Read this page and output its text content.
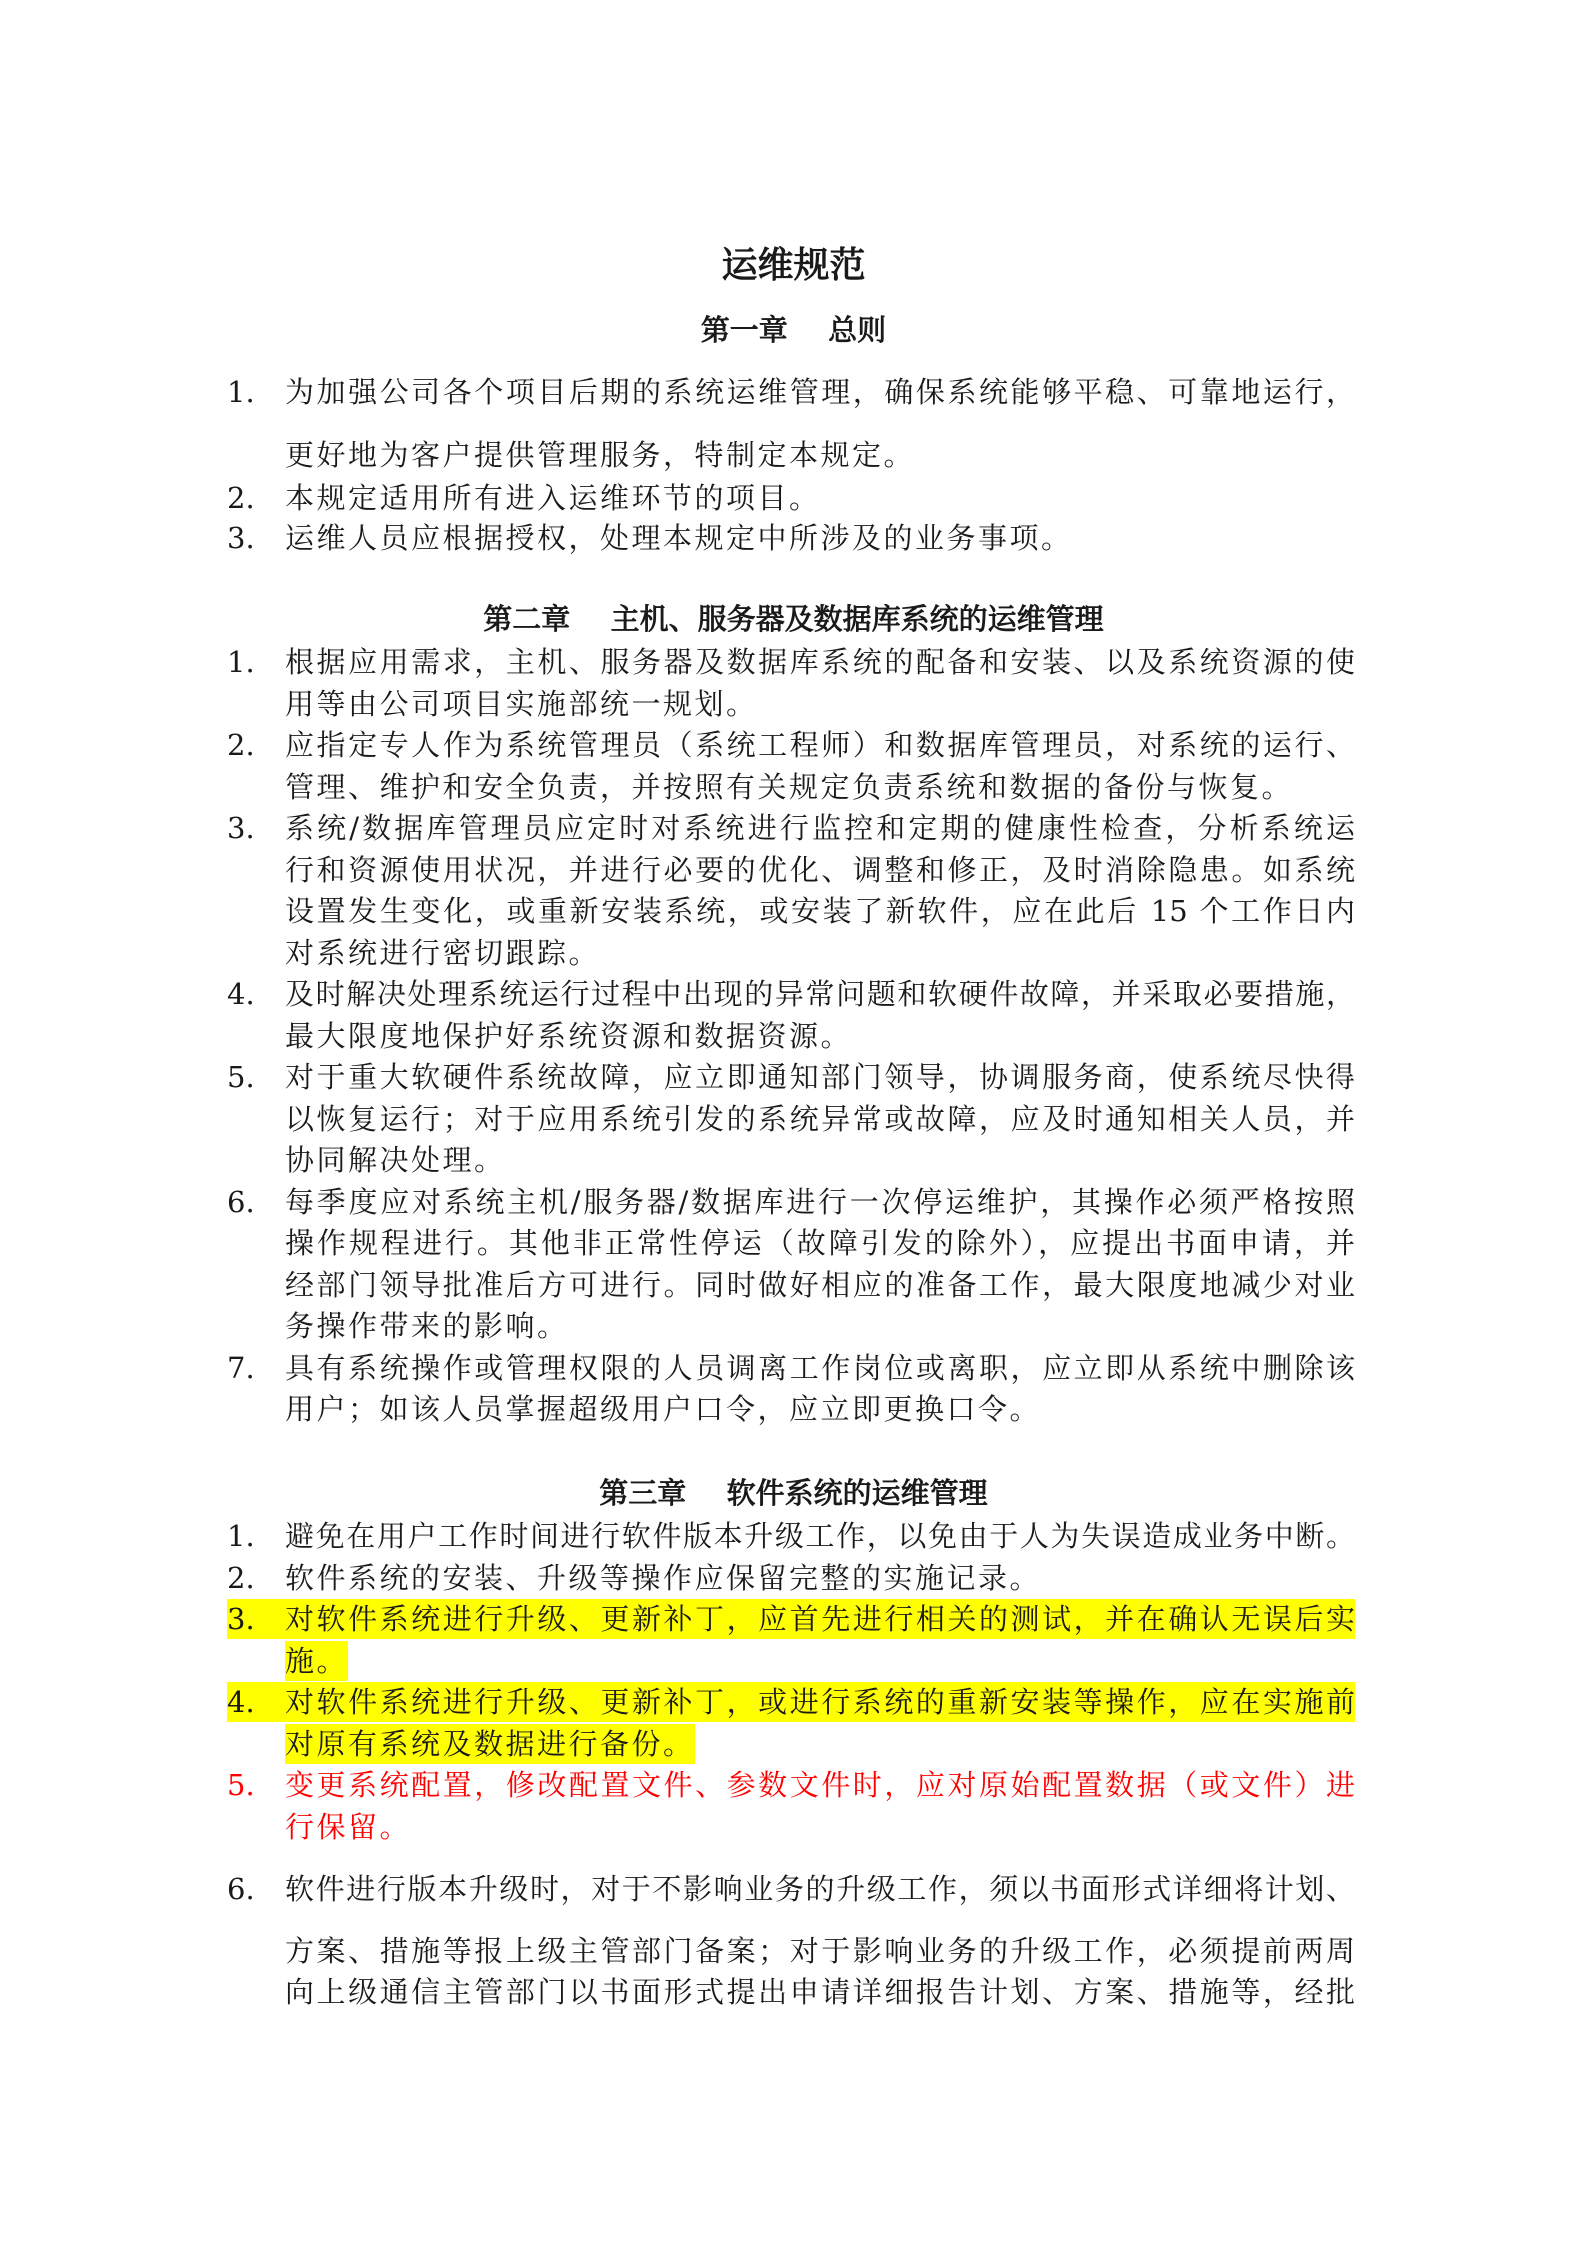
运维规范
第一章    总则
1.	为加强公司各个项目后期的系统运维管理，确保系统能够平稳、可靠地运行，
更好地为客户提供管理服务，特制定本规定。
2.	本规定适用所有进入运维环节的项目。
3.	运维人员应根据授权，处理本规定中所涉及的业务事项。
第二章    主机、服务器及数据库系统的运维管理
1.	根据应用需求，主机、服务器及数据库系统的配备和安装、以及系统资源的使
用等由公司项目实施部统一规划。
2.	应指定专人作为系统管理员（系统工程师）和数据库管理员，对系统的运行、
管理、维护和安全负责，并按照有关规定负责系统和数据的备份与恢复。
3.	系统/数据库管理员应定时对系统进行监控和定期的健康性检查，分析系统运
行和资源使用状况，并进行必要的优化、调整和修正，及时消除隐患。如系统
设置发生变化，或重新安装系统，或安装了新软件，应在此后 15 个工作日内
对系统进行密切跟踪。
4.	及时解决处理系统运行过程中出现的异常问题和软硬件故障，并采取必要措施，
最大限度地保护好系统资源和数据资源。
5.	对于重大软硬件系统故障，应立即通知部门领导，协调服务商，使系统尽快得
以恢复运行；对于应用系统引发的系统异常或故障，应及时通知相关人员，并
协同解决处理。
6.	每季度应对系统主机/服务器/数据库进行一次停运维护，其操作必须严格按照
操作规程进行。其他非正常性停运（故障引发的除外），应提出书面申请，并
经部门领导批准后方可进行。同时做好相应的准备工作，最大限度地减少对业
务操作带来的影响。
7.	具有系统操作或管理权限的人员调离工作岗位或离职，应立即从系统中删除该
用户；如该人员掌握超级用户口令，应立即更换口令。
第三章    软件系统的运维管理
1.	避免在用户工作时间进行软件版本升级工作，以免由于人为失误造成业务中断。
2.	软件系统的安装、升级等操作应保留完整的实施记录。
3.	对软件系统进行升级、更新补丁，应首先进行相关的测试，并在确认无误后实
施。
4.	对软件系统进行升级、更新补丁，或进行系统的重新安装等操作，应在实施前
对原有系统及数据进行备份。
5.	变更系统配置，修改配置文件、参数文件时，应对原始配置数据（或文件）进
行保留。
6.	软件进行版本升级时，对于不影响业务的升级工作，须以书面形式详细将计划、
方案、措施等报上级主管部门备案；对于影响业务的升级工作，必须提前两周
向上级通信主管部门以书面形式提出申请详细报告计划、方案、措施等，经批
